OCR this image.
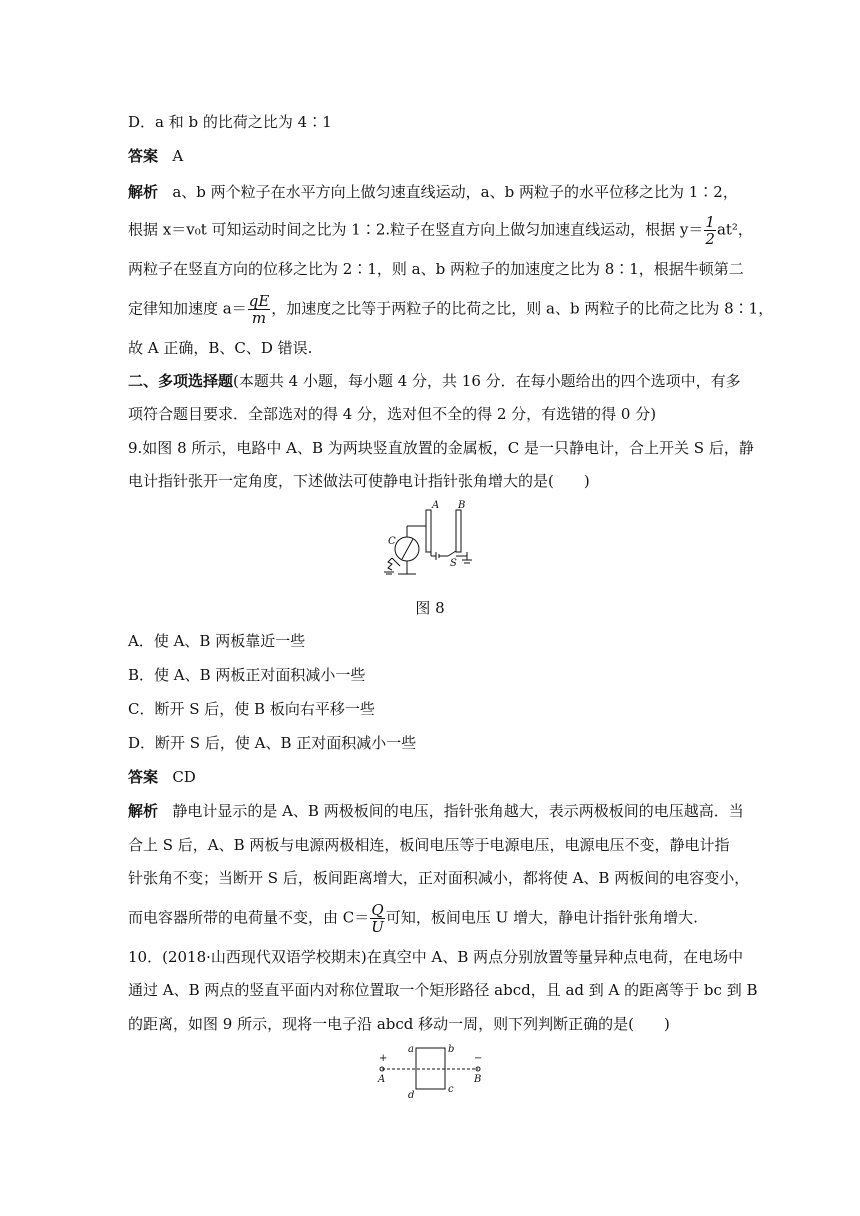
D．a 和 b 的比荷之比为 4∶1
答案 A
解析 a、b 两个粒子在水平方向上做匀速直线运动，a、b 两粒子的水平位移之比为 1∶2，
根据 x＝v₀t 可知运动时间之比为 1∶2.粒子在竖直方向上做匀加速直线运动，根据 $y= \frac{1}{2} at^2$，
两粒子在竖直方向的位移之比为 2∶1，则 a、b 两粒子的加速度之比为 8∶1，根据牛顿第二
定律知加速度 $a= \frac{qE}{m}$ ，加速度之比等于两粒子的比荷之比，则 a、b 两粒子的比荷之比为 8∶1，
故 A 正确，B、C、D 错误.
二、多项选择题(本题共 4 小题，每小题 4 分，共 16 分．在每小题给出的四个选项中，有多
项符合题目要求．全部选对的得 4 分，选对但不全的得 2 分，有选错的得 0 分)
9.如图 8 所示，电路中 A、B 为两块竖直放置的金属板，C 是一只静电计，合上开关 S 后，静
电计指针张开一定角度，下述做法可使静电计指针张角增大的是(　　)
A B
C
S
图 8
A．使 A、B 两板靠近一些
B．使 A、B 两板正对面积减小一些
C．断开 S 后，使 B 板向右平移一些
D．断开 S 后，使 A、B 正对面积减小一些
答案 CD
解析 静电计显示的是 A、B 两极板间的电压，指针张角越大，表示两极板间的电压越高．当
合上 S 后，A、B 两板与电源两极相连，板间电压等于电源电压，电源电压不变，静电计指
针张角不变；当断开 S 后，板间距离增大，正对面积减小，都将使 A、B 两板间的电容变小，
而电容器所带的电荷量不变，由 $C= \frac{Q}{U}$ 可知，板间电压 U 增大，静电计指针张角增大.
10．(2018·山西现代双语学校期末)在真空中 A、B 两点分别放置等量异种点电荷，在电场中
通过 A、B 两点的竖直平面内对称位置取一个矩形路径 abcd，且 ad 到 A 的距离等于 bc 到 B
的距离，如图 9 所示，现将一电子沿 abcd 移动一周，则下列判断正确的是(　　)
+	−
A	B
a	b
c
d
